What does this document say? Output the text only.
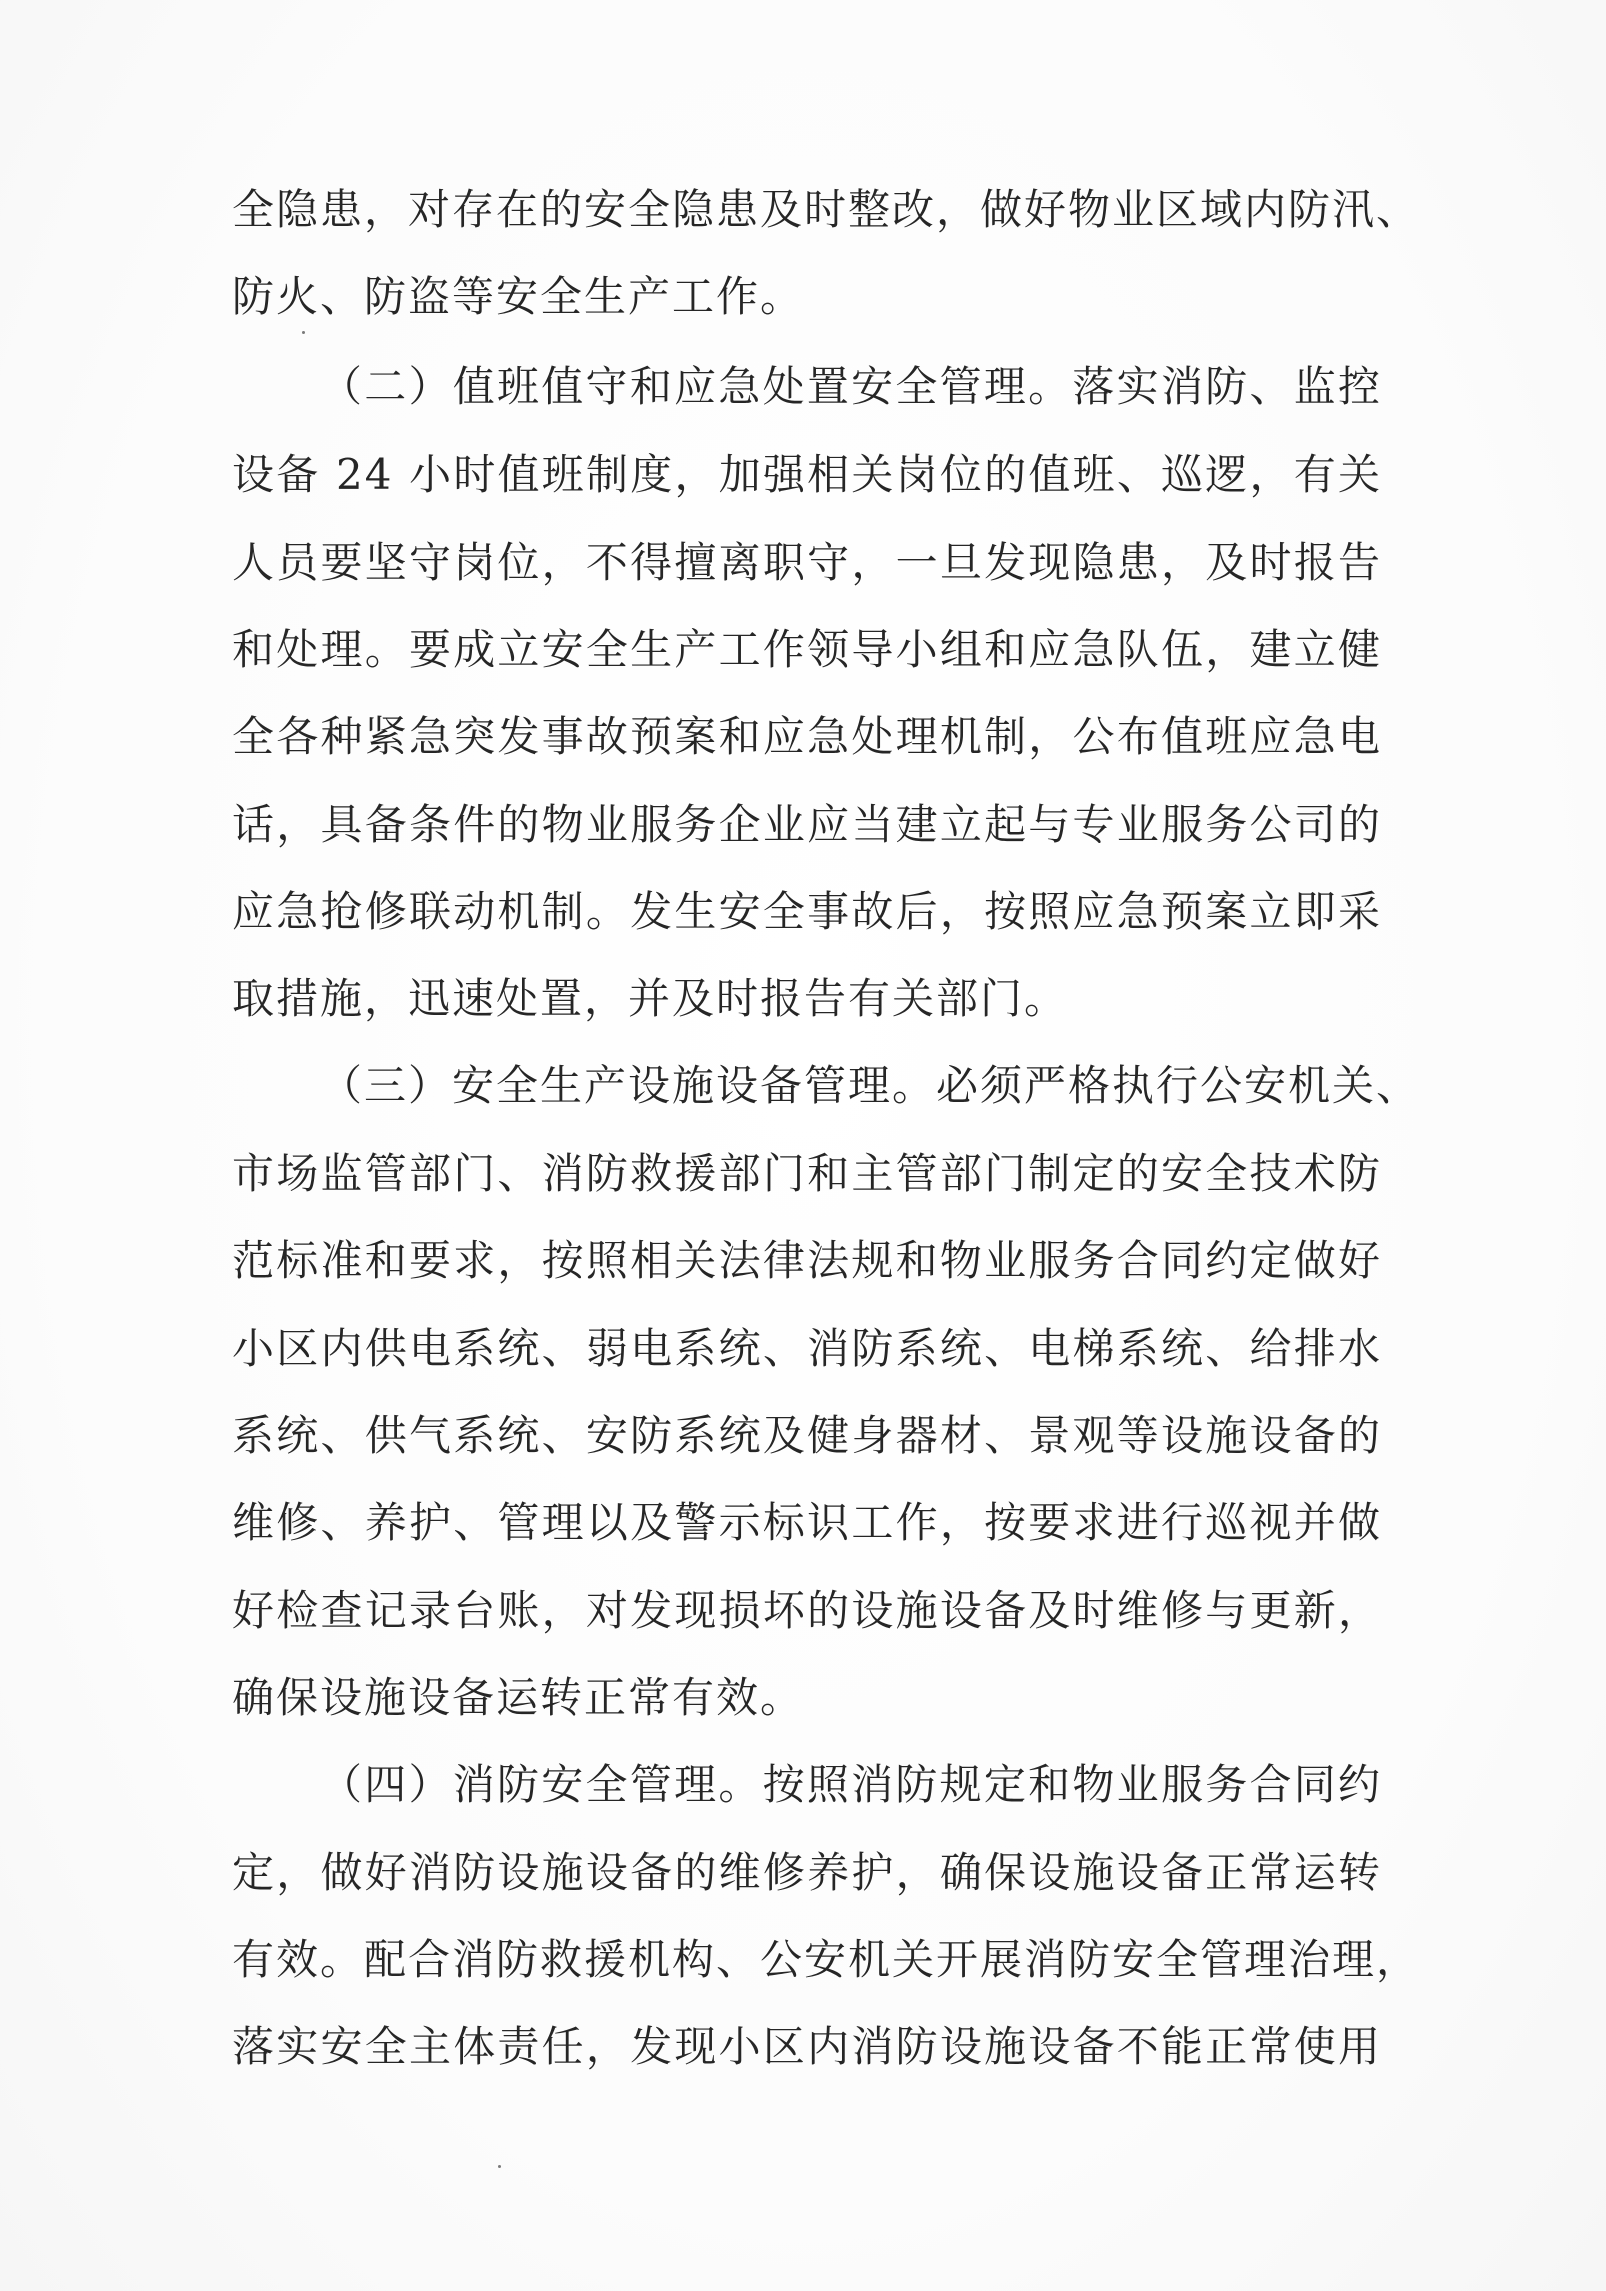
全隐患，对存在的安全隐患及时整改，做好物业区域内防汛、
防火、防盗等安全生产工作。
（二）值班值守和应急处置安全管理。落实消防、监控
设备 24 小时值班制度，加强相关岗位的值班、巡逻，有关
人员要坚守岗位，不得擅离职守，一旦发现隐患，及时报告
和处理。要成立安全生产工作领导小组和应急队伍，建立健
全各种紧急突发事故预案和应急处理机制，公布值班应急电
话，具备条件的物业服务企业应当建立起与专业服务公司的
应急抢修联动机制。发生安全事故后，按照应急预案立即采
取措施，迅速处置，并及时报告有关部门。
（三）安全生产设施设备管理。必须严格执行公安机关、
市场监管部门、消防救援部门和主管部门制定的安全技术防
范标准和要求，按照相关法律法规和物业服务合同约定做好
小区内供电系统、弱电系统、消防系统、电梯系统、给排水
系统、供气系统、安防系统及健身器材、景观等设施设备的
维修、养护、管理以及警示标识工作，按要求进行巡视并做
好检查记录台账，对发现损坏的设施设备及时维修与更新，
确保设施设备运转正常有效。
（四）消防安全管理。按照消防规定和物业服务合同约
定，做好消防设施设备的维修养护，确保设施设备正常运转
有效。配合消防救援机构、公安机关开展消防安全管理治理，
落实安全主体责任，发现小区内消防设施设备不能正常使用
